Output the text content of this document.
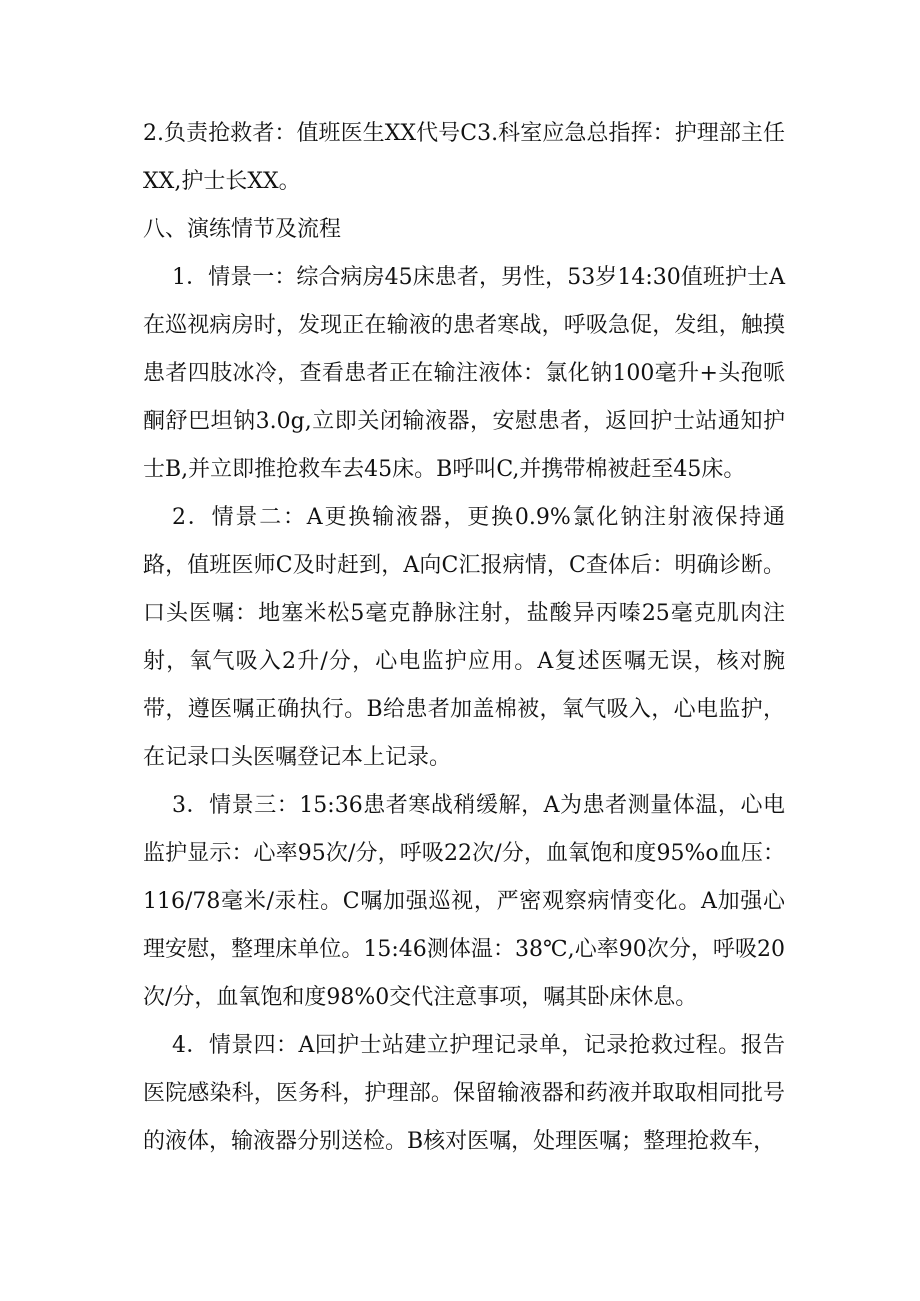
2.负责抢救者：值班医生XX代号C3.科室应急总指挥：护理部主任XX,护士长XX。

八、演练情节及流程

1．情景一：综合病房45床患者，男性，53岁14:30值班护士A在巡视病房时，发现正在输液的患者寒战，呼吸急促，发组，触摸患者四肢冰冷，查看患者正在输注液体：氯化钠100毫升+头孢哌酮舒巴坦钠3.0g,立即关闭输液器，安慰患者，返回护士站通知护士B,并立即推抢救车去45床。B呼叫C,并携带棉被赶至45床。

2．情景二：A更换输液器，更换0.9%氯化钠注射液保持通路，值班医师C及时赶到，A向C汇报病情，C查体后：明确诊断。口头医嘱：地塞米松5毫克静脉注射，盐酸异丙嗪25毫克肌肉注射，氧气吸入2升/分，心电监护应用。A复述医嘱无误，核对腕带，遵医嘱正确执行。B给患者加盖棉被，氧气吸入，心电监护，在记录口头医嘱登记本上记录。

3．情景三：15:36患者寒战稍缓解，A为患者测量体温，心电监护显示：心率95次/分，呼吸22次/分，血氧饱和度95%o血压：116/78毫米/汞柱。C嘱加强巡视，严密观察病情变化。A加强心理安慰，整理床单位。15:46测体温：38℃,心率90次分，呼吸20次/分，血氧饱和度98%0交代注意事项，嘱其卧床休息。

4．情景四：A回护士站建立护理记录单，记录抢救过程。报告医院感染科，医务科，护理部。保留输液器和药液并取取相同批号的液体，输液器分别送检。B核对医嘱，处理医嘱；整理抢救车，
